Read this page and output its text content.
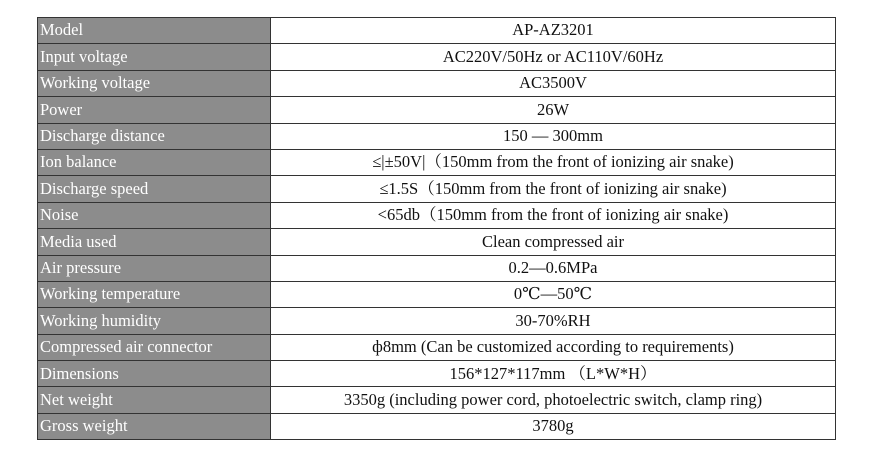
Model	AP-AZ3201
Input voltage	AC220V/50Hz or AC110V/60Hz
Working voltage	AC3500V
Power	26W
Discharge distance	150 — 300mm
Ion balance	≤|±50V|（150mm from the front of ionizing air snake)
Discharge speed	≤1.5S（150mm from the front of ionizing air snake)
Noise	<65db（150mm from the front of ionizing air snake)
Media used	Clean compressed air
Air pressure	0.2—0.6MPa
Working temperature	0℃—50℃
Working humidity	30-70%RH
Compressed air connector	ф8mm (Can be customized according to requirements)
Dimensions	156*127*117mm （L*W*H）
Net weight	3350g (including power cord, photoelectric switch, clamp ring)
Gross weight	3780g
